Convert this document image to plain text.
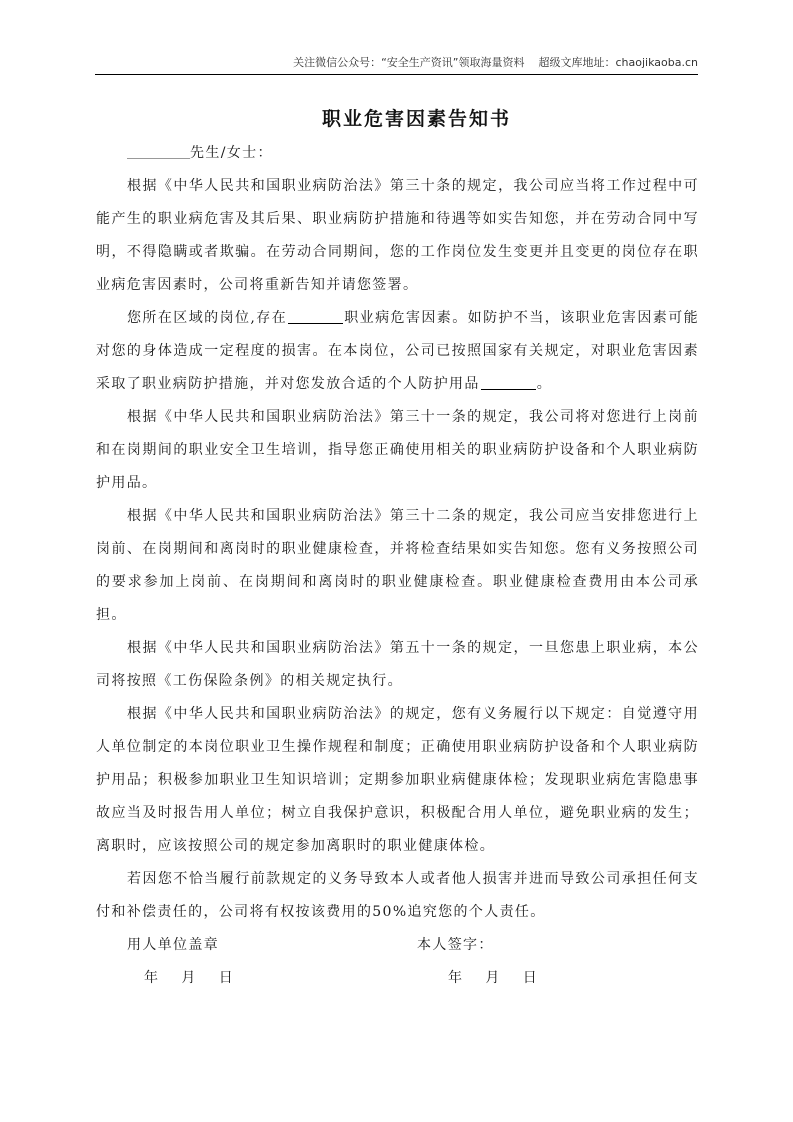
关注微信公众号：“安全生产资讯”领取海量资料 超级文库地址：chaojikaoba.cn
职业危害因素告知书
先生/女士：

根据《中华人民共和国职业病防治法》第三十条的规定，我公司应当将工作过程中可能产生的职业病危害及其后果、职业病防护措施和待遇等如实告知您，并在劳动合同中写明，不得隐瞒或者欺骗。在劳动合同期间，您的工作岗位发生变更并且变更的岗位存在职业病危害因素时，公司将重新告知并请您签署。

您所在区域的岗位,存在	职业病危害因素。如防护不当，该职业危害因素可能对您的身体造成一定程度的损害。在本岗位，公司已按照国家有关规定，对职业危害因素采取了职业病防护措施，并对您发放合适的个人防护用品	。

根据《中华人民共和国职业病防治法》第三十一条的规定，我公司将对您进行上岗前和在岗期间的职业安全卫生培训，指导您正确使用相关的职业病防护设备和个人职业病防护用品。

根据《中华人民共和国职业病防治法》第三十二条的规定，我公司应当安排您进行上岗前、在岗期间和离岗时的职业健康检查，并将检查结果如实告知您。您有义务按照公司的要求参加上岗前、在岗期间和离岗时的职业健康检查。职业健康检查费用由本公司承担。

根据《中华人民共和国职业病防治法》第五十一条的规定，一旦您患上职业病，本公司将按照《工伤保险条例》的相关规定执行。

根据《中华人民共和国职业病防治法》的规定，您有义务履行以下规定：自觉遵守用人单位制定的本岗位职业卫生操作规程和制度；正确使用职业病防护设备和个人职业病防护用品；积极参加职业卫生知识培训；定期参加职业病健康体检；发现职业病危害隐患事故应当及时报告用人单位；树立自我保护意识，积极配合用人单位，避免职业病的发生；离职时，应该按照公司的规定参加离职时的职业健康体检。

若因您不恰当履行前款规定的义务导致本人或者他人损害并进而导致公司承担任何支付和补偿责任的，公司将有权按该费用的50%追究您的个人责任。

用人单位盖章	本人签字：
年 月 日	年 月 日
